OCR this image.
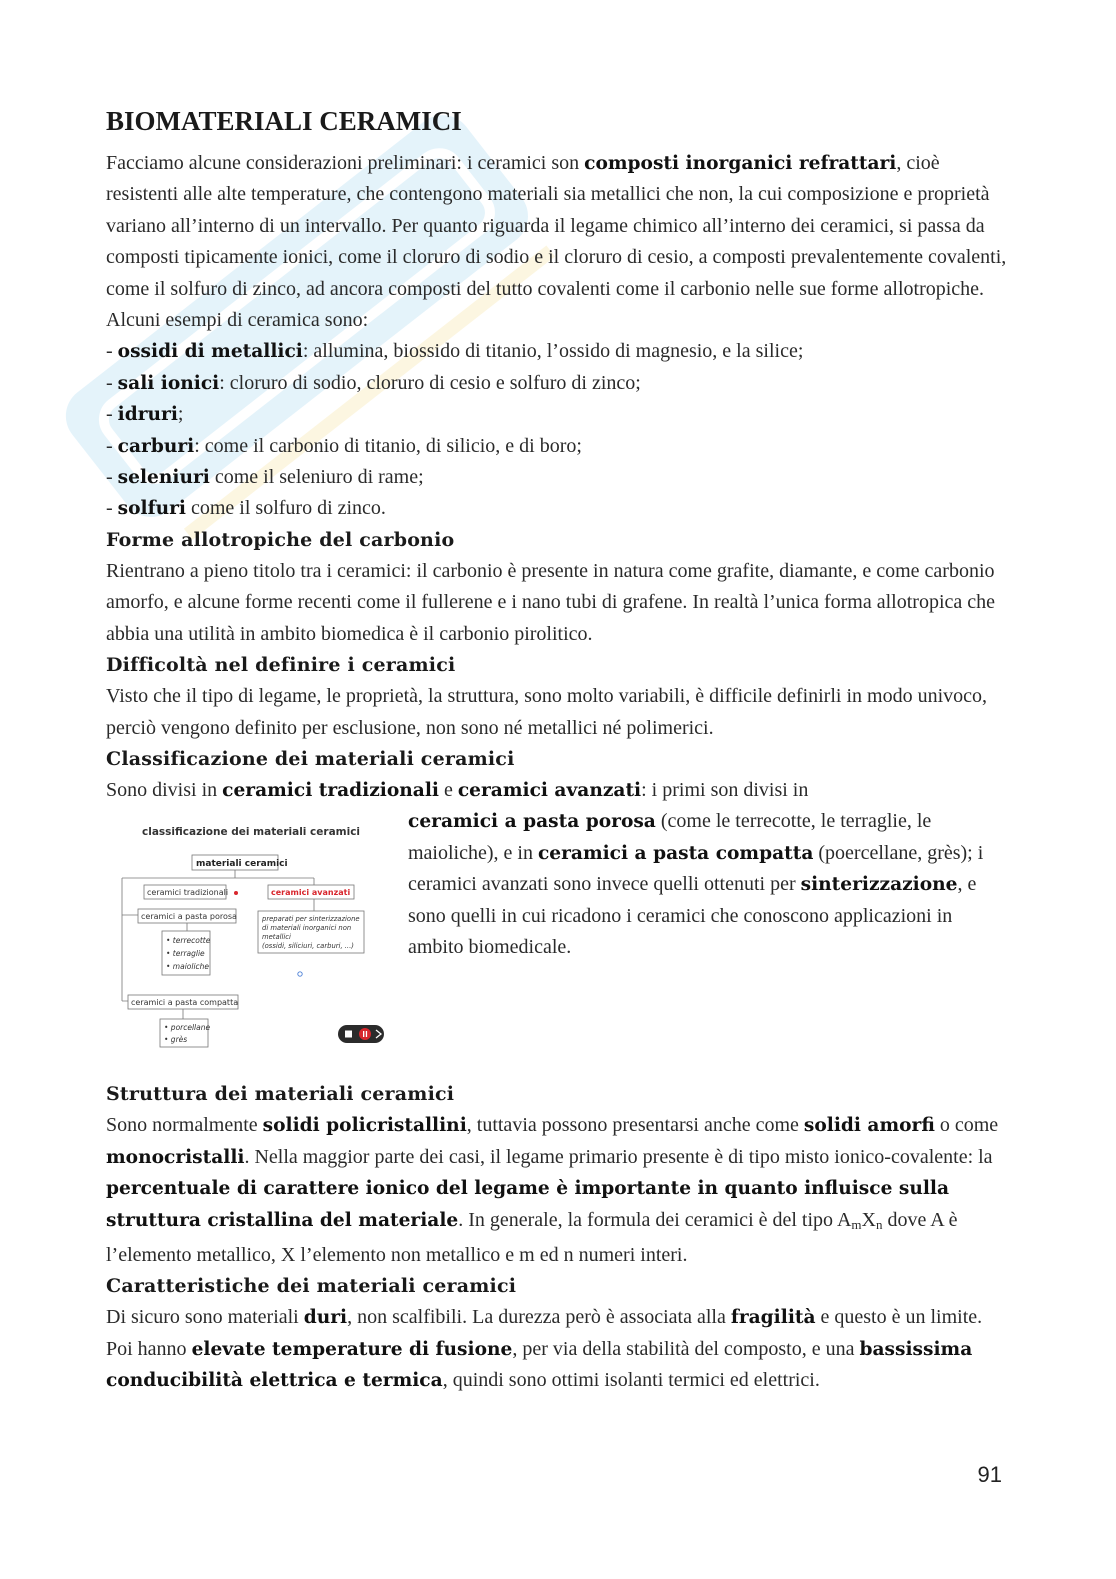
BIOMATERIALI CERAMICI

Facciamo alcune considerazioni preliminari: i ceramici son composti inorganici refrattari, cioè resistenti alle alte temperature, che contengono materiali sia metallici che non, la cui composizione e proprietà variano all’interno di un intervallo. Per quanto riguarda il legame chimico all’interno dei ceramici, si passa da composti tipicamente ionici, come il cloruro di sodio e il cloruro di cesio, a composti prevalentemente covalenti, come il solfuro di zinco, ad ancora composti del tutto covalenti come il carbonio nelle sue forme allotropiche. Alcuni esempi di ceramica sono:

- ossidi di metallici: allumina, biossido di titanio, l’ossido di magnesio, e la silice;
- sali ionici: cloruro di sodio, cloruro di cesio e solfuro di zinco;
- idruri;
- carburi: come il carbonio di titanio, di silicio, e di boro;
- seleniuri come il seleniuro di rame;
- solfuri come il solfuro di zinco.
Forme allotropiche del carbonio

Rientrano a pieno titolo tra i ceramici: il carbonio è presente in natura come grafite, diamante, e come carbonio amorfo, e alcune forme recenti come il fullerene e i nano tubi di grafene. In realtà l’unica forma allotropica che abbia una utilità in ambito biomedica è il carbonio pirolitico.

Difficoltà nel definire i ceramici

Visto che il tipo di legame, le proprietà, la struttura, sono molto variabili, è difficile definirli in modo univoco, perciò vengono definito per esclusione, non sono né metallici né polimerici.

Classificazione dei materiali ceramici

Sono divisi in ceramici tradizionali e ceramici avanzati: i primi son divisi in

classificazione dei materiali ceramici
materiali ceramici
ceramici tradizionali	ceramici avanzati
ceramici a pasta porosa
• terrecotte
• terraglie
• maioliche
preparati per sinterizzazione
di materiali inorganici non
metallici
(ossidi, siliciuri, carburi, ...)
ceramici a pasta compatta
• porcellane
• grès

ceramici a pasta porosa (come le terrecotte, le terraglie, le maioliche), e in ceramici a pasta compatta (poercellane, grès); i ceramici avanzati sono invece quelli ottenuti per sinterizzazione, e sono quelli in cui ricadono i ceramici che conoscono applicazioni in ambito biomedicale.

Struttura dei materiali ceramici

Sono normalmente solidi policristallini, tuttavia possono presentarsi anche come solidi amorfi o come monocristalli. Nella maggior parte dei casi, il legame primario presente è di tipo misto ionico-covalente: la percentuale di carattere ionico del legame è importante in quanto influisce sulla struttura cristallina del materiale. In generale, la formula dei ceramici è del tipo $A_mX_n$ dove A è l’elemento metallico, X l’elemento non metallico e m ed n numeri interi.

Caratteristiche dei materiali ceramici

Di sicuro sono materiali duri, non scalfibili. La durezza però è associata alla fragilità e questo è un limite. Poi hanno elevate temperature di fusione, per via della stabilità del composto, e una bassissima conducibilità elettrica e termica, quindi sono ottimi isolanti termici ed elettrici.

91
